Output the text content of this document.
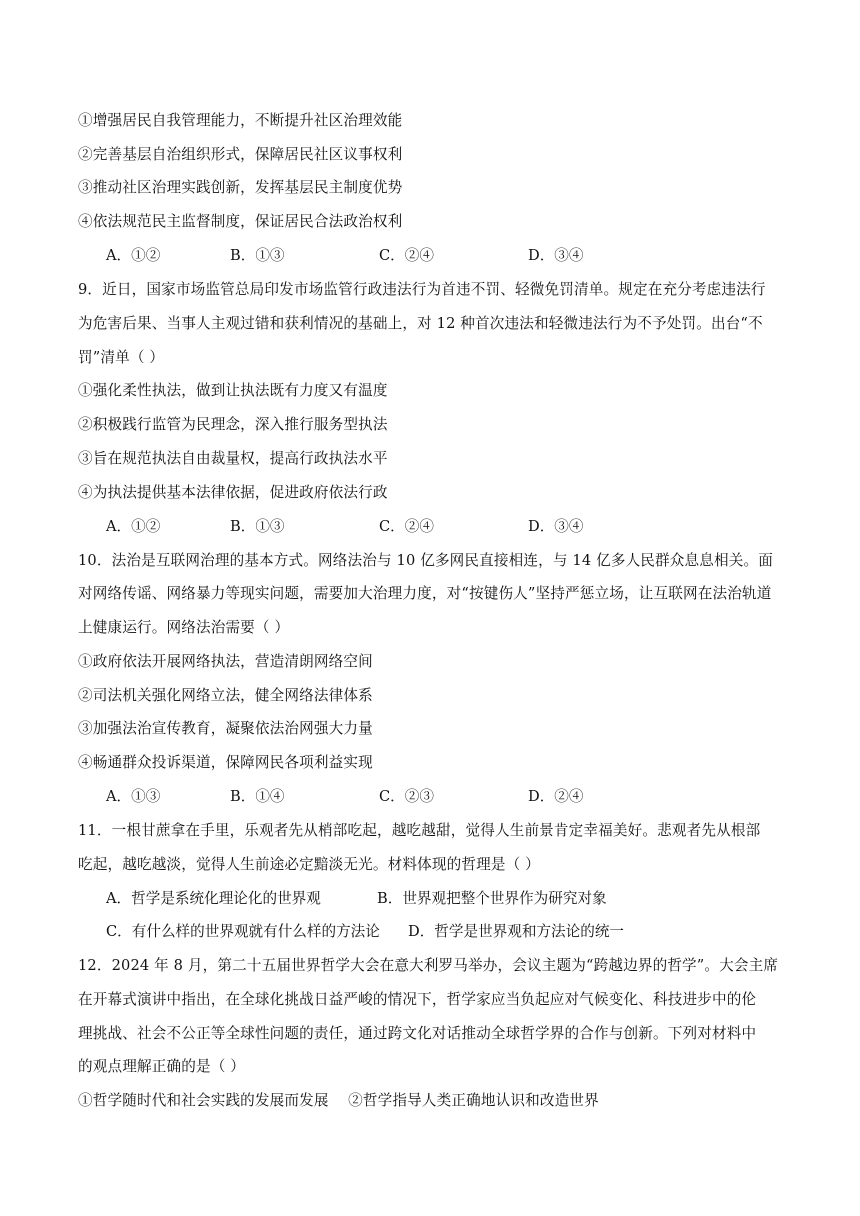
①增强居民自我管理能力，不断提升社区治理效能
②完善基层自治组织形式，保障居民社区议事权利
③推动社区治理实践创新，发挥基层民主制度优势
④依法规范民主监督制度，保证居民合法政治权利
A．①②	B．①③	C．②④	D．③④
9．近日，国家市场监管总局印发市场监管行政违法行为首违不罚、轻微免罚清单。规定在充分考虑违法行
为危害后果、当事人主观过错和获利情况的基础上，对 12 种首次违法和轻微违法行为不予处罚。出台“不
罚”清单（ ）
①强化柔性执法，做到让执法既有力度又有温度
②积极践行监管为民理念，深入推行服务型执法
③旨在规范执法自由裁量权，提高行政执法水平
④为执法提供基本法律依据，促进政府依法行政
A．①②	B．①③	C．②④	D．③④
10．法治是互联网治理的基本方式。网络法治与 10 亿多网民直接相连，与 14 亿多人民群众息息相关。面
对网络传谣、网络暴力等现实问题，需要加大治理力度，对“按键伤人”坚持严惩立场，让互联网在法治轨道
上健康运行。网络法治需要（ ）
①政府依法开展网络执法，营造清朗网络空间
②司法机关强化网络立法，健全网络法律体系
③加强法治宣传教育，凝聚依法治网强大力量
④畅通群众投诉渠道，保障网民各项利益实现
A．①③	B．①④	C．②③	D．②④
11．一根甘蔗拿在手里，乐观者先从梢部吃起，越吃越甜，觉得人生前景肯定幸福美好。悲观者先从根部
吃起，越吃越淡，觉得人生前途必定黯淡无光。材料体现的哲理是（ ）
A．哲学是系统化理论化的世界观	B．世界观把整个世界作为研究对象
C．有什么样的世界观就有什么样的方法论 D．哲学是世界观和方法论的统一
12．2024 年 8 月，第二十五届世界哲学大会在意大利罗马举办，会议主题为“跨越边界的哲学”。大会主席
在开幕式演讲中指出，在全球化挑战日益严峻的情况下，哲学家应当负起应对气候变化、科技进步中的伦
理挑战、社会不公正等全球性问题的责任，通过跨文化对话推动全球哲学界的合作与创新。下列对材料中
的观点理解正确的是（ ）
①哲学随时代和社会实践的发展而发展　 ②哲学指导人类正确地认识和改造世界
